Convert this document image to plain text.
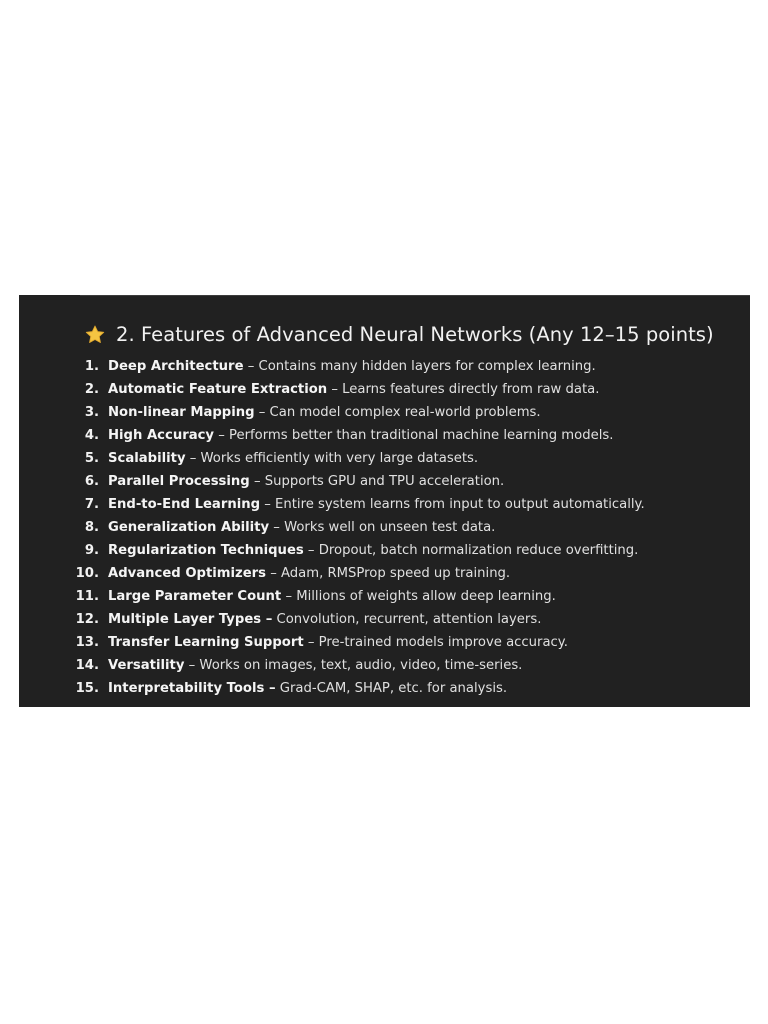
2. Features of Advanced Neural Networks (Any 12–15 points)
1. Deep Architecture – Contains many hidden layers for complex learning.
2. Automatic Feature Extraction – Learns features directly from raw data.
3. Non-linear Mapping – Can model complex real-world problems.
4. High Accuracy – Performs better than traditional machine learning models.
5. Scalability – Works efficiently with very large datasets.
6. Parallel Processing – Supports GPU and TPU acceleration.
7. End-to-End Learning – Entire system learns from input to output automatically.
8. Generalization Ability – Works well on unseen test data.
9. Regularization Techniques – Dropout, batch normalization reduce overfitting.
10. Advanced Optimizers – Adam, RMSProp speed up training.
11. Large Parameter Count – Millions of weights allow deep learning.
12. Multiple Layer Types – Convolution, recurrent, attention layers.
13. Transfer Learning Support – Pre-trained models improve accuracy.
14. Versatility – Works on images, text, audio, video, time-series.
15. Interpretability Tools – Grad-CAM, SHAP, etc. for analysis.
